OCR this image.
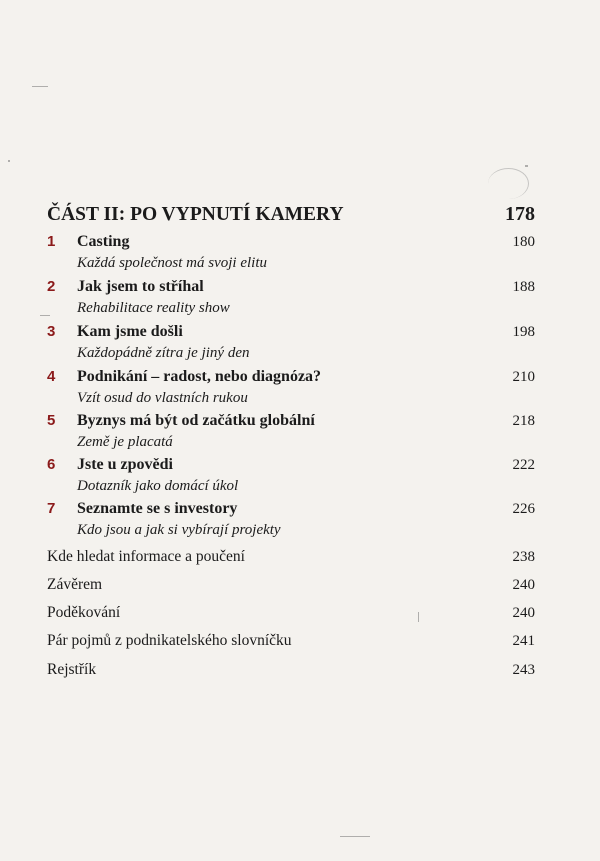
ČÁST II: PO VYPNUTÍ KAMERY	178
1	Casting	180
Každá společnost má svoji elitu
2	Jak jsem to stříhal	188
Rehabilitace reality show
3	Kam jsme došli	198
Každopádně zítra je jiný den
4	Podnikání – radost, nebo diagnóza?	210
Vzít osud do vlastních rukou
5	Byznys má být od začátku globální	218
Země je placatá
6	Jste u zpovědi	222
Dotazník jako domácí úkol
7	Seznamte se s investory	226
Kdo jsou a jak si vybírají projekty
Kde hledat informace a poučení	238
Závěrem	240
Poděkování	240
Pár pojmů z podnikatelského slovníčku	241
Rejstřík	243
